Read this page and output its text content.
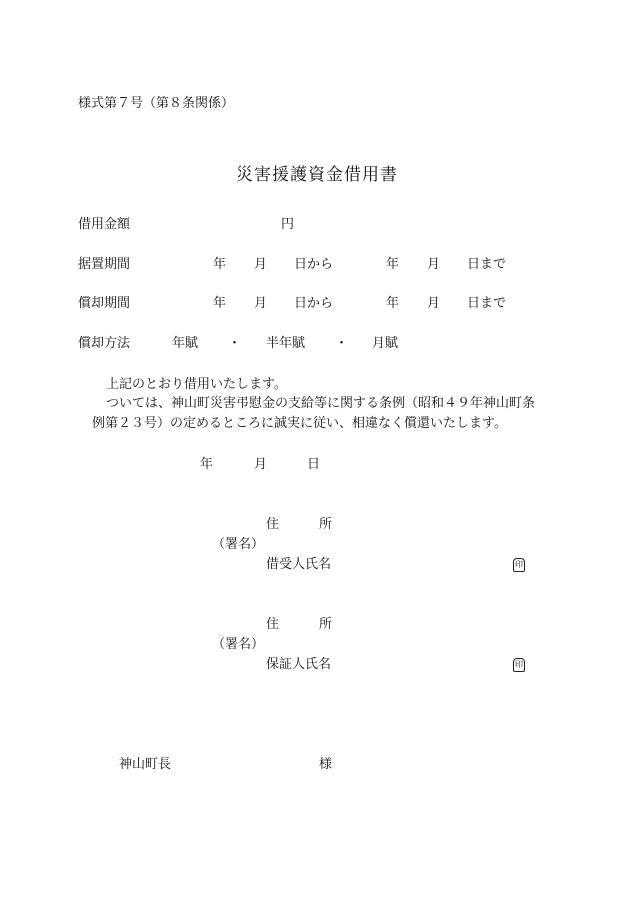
様式第７号（第８条関係）
災害援護資金借用書
借用金額	円
据置期間	年 月 日から	年 月 日まで
償却期間	年 月 日から	年 月 日まで
償却方法	年賦 ・ 半年賦 ・ 月賦
上記のとおり借用いたします。
ついては、神山町災害弔慰金の支給等に関する条例（昭和４９年神山町条
例第２３号）の定めるところに誠実に従い、相違なく償還いたします。
年	月	日
住	所
（署名）
借受人氏名	印
住	所
（署名）
保証人氏名	印
神山町長	様
